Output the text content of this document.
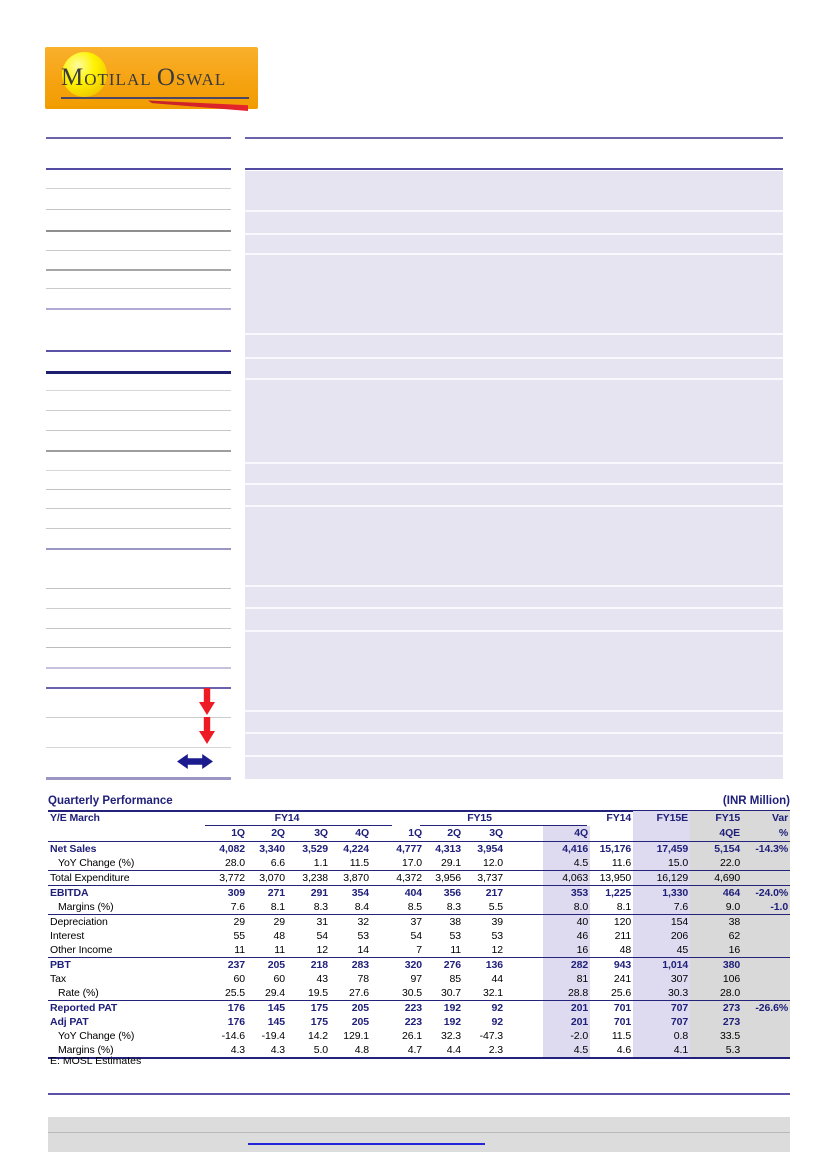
MOTILAL OSWAL
Quarterly Performance	(INR Million)
Y/E March	FY14				FY15					FY14	FY15E	FY15	Var
	1Q	2Q	3Q	4Q	1Q	2Q	3Q		4Q			4QE	%
Net Sales	4,082	3,340	3,529	4,224	4,777	4,313	3,954		4,416	15,176	17,459	5,154	-14.3%
YoY Change (%)	28.0	6.6	1.1	11.5	17.0	29.1	12.0		4.5	11.6	15.0	22.0	
Total Expenditure	3,772	3,070	3,238	3,870	4,372	3,956	3,737		4,063	13,950	16,129	4,690	
EBITDA	309	271	291	354	404	356	217		353	1,225	1,330	464	-24.0%
Margins (%)	7.6	8.1	8.3	8.4	8.5	8.3	5.5		8.0	8.1	7.6	9.0	-1.0
Depreciation	29	29	31	32	37	38	39		40	120	154	38	
Interest	55	48	54	53	54	53	53		46	211	206	62	
Other Income	11	11	12	14	7	11	12		16	48	45	16	
PBT	237	205	218	283	320	276	136		282	943	1,014	380	
Tax	60	60	43	78	97	85	44		81	241	307	106	
Rate (%)	25.5	29.4	19.5	27.6	30.5	30.7	32.1		28.8	25.6	30.3	28.0	
Reported PAT	176	145	175	205	223	192	92		201	701	707	273	-26.6%
Adj PAT	176	145	175	205	223	192	92		201	701	707	273	
YoY Change (%)	-14.6	-19.4	14.2	129.1	26.1	32.3	-47.3		-2.0	11.5	0.8	33.5	
Margins (%)	4.3	4.3	5.0	4.8	4.7	4.4	2.3		4.5	4.6	4.1	5.3	
E: MOSL Estimates
